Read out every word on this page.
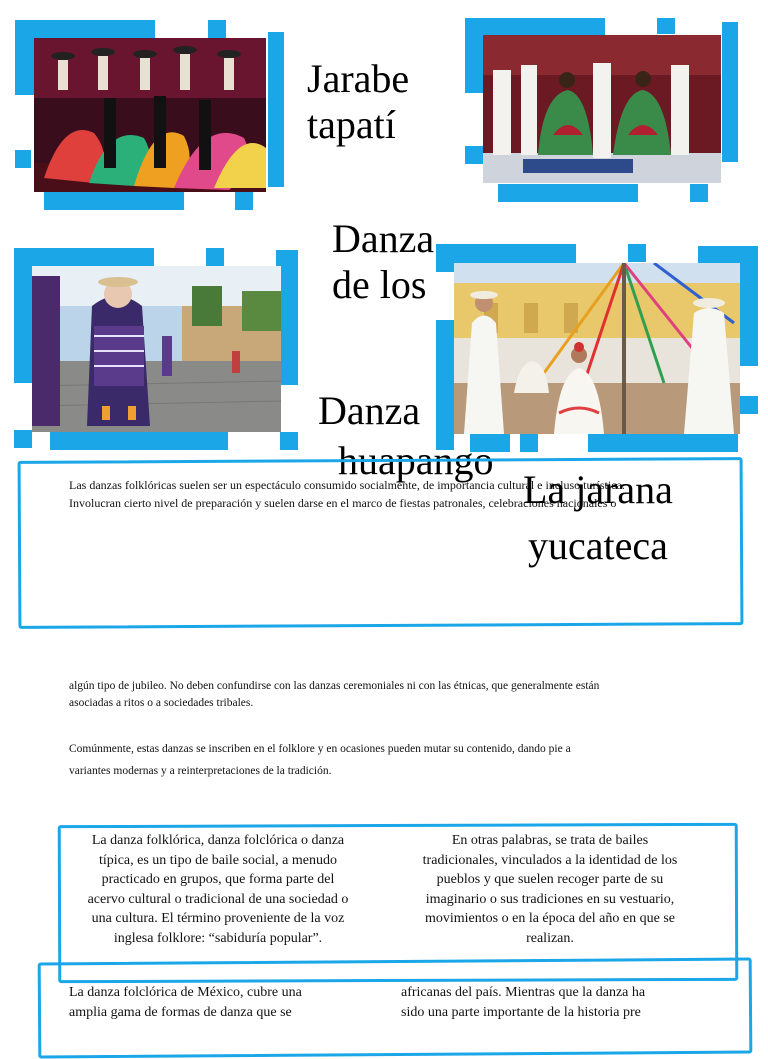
Jarabe tapatí
Danza de los
Danza huapango
Las danzas folklóricas suelen ser un espectáculo consumido socialmente, de importancia cultural e incluso turística.
Involucran cierto nivel de preparación y suelen darse en el marco de fiestas patronales, celebraciones nacionales o
La jarana yucateca
algún tipo de jubileo. No deben confundirse con las danzas ceremoniales ni con las étnicas, que generalmente están
asociadas a ritos o a sociedades tribales.
Comúnmente, estas danzas se inscriben en el folklore y en ocasiones pueden mutar su contenido, dando pie a
variantes modernas y a reinterpretaciones de la tradición.
La danza folklórica, danza folclórica o danza
típica, es un tipo de baile social, a menudo
practicado en grupos, que forma parte del
acervo cultural o tradicional de una sociedad o
una cultura. El término proveniente de la voz
inglesa folklore: “sabiduría popular”.
En otras palabras, se trata de bailes
tradicionales, vinculados a la identidad de los
pueblos y que suelen recoger parte de su
imaginario o sus tradiciones en su vestuario,
movimientos o en la época del año en que se
realizan.
La danza folclórica de México, cubre una
amplia gama de formas de danza que se
africanas del país. Mientras que la danza ha
sido una parte importante de la historia pre
